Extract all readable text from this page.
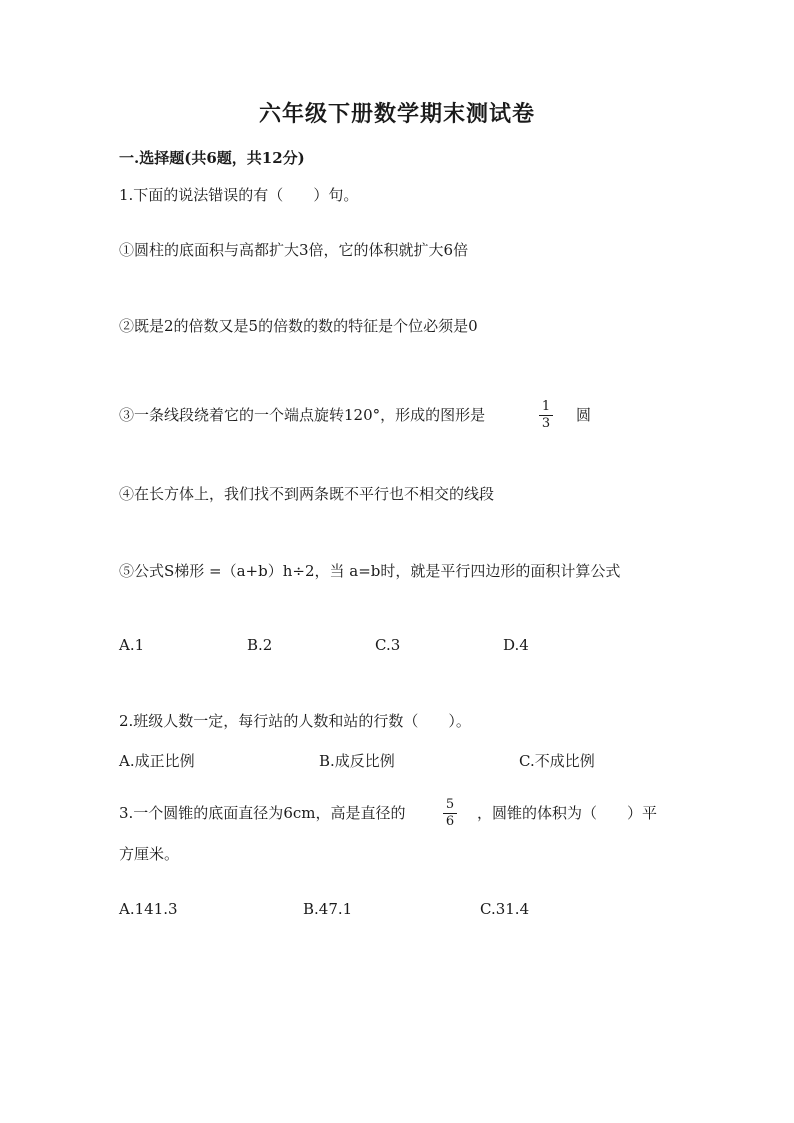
六年级下册数学期末测试卷
一.选择题(共6题，共12分)
1.下面的说法错误的有（　　）句。
①圆柱的底面积与高都扩大3倍，它的体积就扩大6倍
②既是2的倍数又是5的倍数的数的特征是个位必须是0
③一条线段绕着它的一个端点旋转120°，形成的图形是	1
3 圆
④在长方体上，我们找不到两条既不平行也不相交的线段
⑤公式S梯形 =（a+b）h÷2，当 a=b时，就是平行四边形的面积计算公式
A.1	B.2	C.3	D.4
2.班级人数一定，每行站的人数和站的行数（　　）。
A.成正比例	B.成反比例	C.不成比例
3.一个圆锥的底面直径为6cm，高是直径的	5
6 ，圆锥的体积为（　　）平
方厘米。
A.141.3	B.47.1	C.31.4
